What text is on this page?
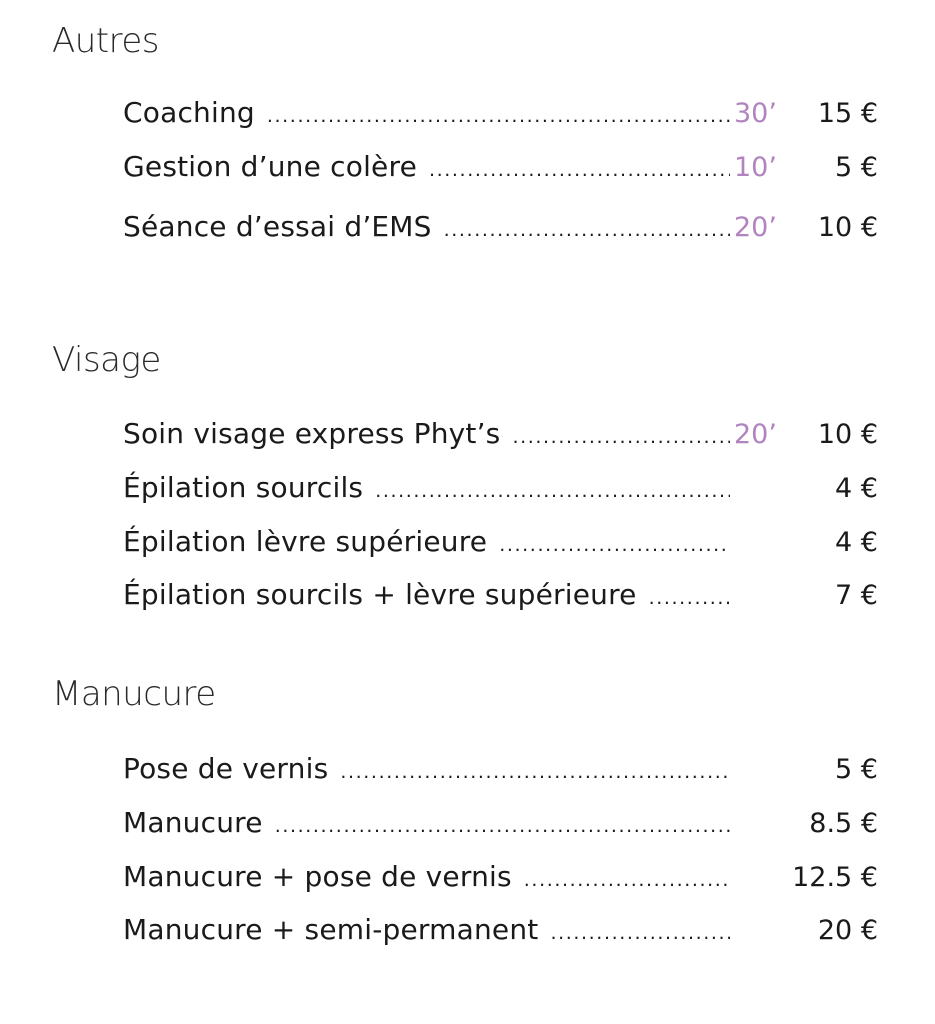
Autres
Coaching .....	30’	15 €
Gestion d’une colère .....	10’	5 €
Séance d’essai d’EMS .....	20’	10 €
Visage
Soin visage express Phyt’s .....	20’	10 €
Épilation sourcils .....	4 €
Épilation lèvre supérieure .....	4 €
Épilation sourcils + lèvre supérieure .....	7 €
Manucure
Pose de vernis .....	5 €
Manucure .....	8.5 €
Manucure + pose de vernis .....	12.5 €
Manucure + semi-permanent .....	20 €
